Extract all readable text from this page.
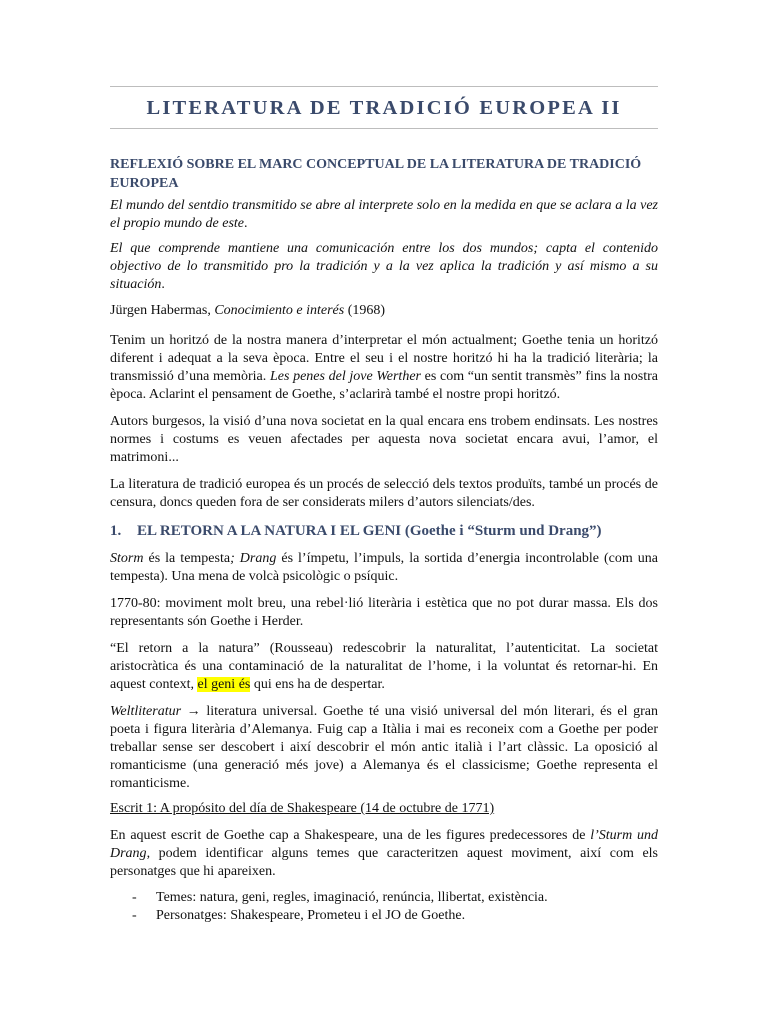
LITERATURA DE TRADICIÓ EUROPEA II
REFLEXIÓ SOBRE EL MARC CONCEPTUAL DE LA LITERATURA DE TRADICIÓ EUROPEA

El mundo del sentdio transmitido se abre al interprete solo en la medida en que se aclara a la vez el propio mundo de este.

El que comprende mantiene una comunicación entre los dos mundos; capta el contenido objectivo de lo transmitido pro la tradición y a la vez aplica la tradición y así mismo a su situación.

Jürgen Habermas, Conocimiento e interés (1968)

Tenim un horitzó de la nostra manera d’interpretar el món actualment; Goethe tenia un horitzó diferent i adequat a la seva època. Entre el seu i el nostre horitzó hi ha la tradició literària; la transmissió d’una memòria. Les penes del jove Werther es com “un sentit transmès” fins la nostra època. Aclarint el pensament de Goethe, s’aclarirà també el nostre propi horitzó.

Autors burgesos, la visió d’una nova societat en la qual encara ens trobem endinsats. Les nostres normes i costums es veuen afectades per aquesta nova societat encara avui, l’amor, el matrimoni...

La literatura de tradició europea és un procés de selecció dels textos produïts, també un procés de censura, doncs queden fora de ser considerats milers d’autors silenciats/des.

1. EL RETORN A LA NATURA I EL GENI (Goethe i “Sturm und Drang”)

Storm és la tempesta; Drang és l’ímpetu, l’impuls, la sortida d’energia incontrolable (com una tempesta). Una mena de volcà psicològic o psíquic.

1770-80: moviment molt breu, una rebel·lió literària i estètica que no pot durar massa. Els dos representants són Goethe i Herder.

“El retorn a la natura” (Rousseau) redescobrir la naturalitat, l’autenticitat. La societat aristocràtica és una contaminació de la naturalitat de l’home, i la voluntat és retornar-hi. En aquest context, el geni és qui ens ha de despertar.

Weltliteratur → literatura universal. Goethe té una visió universal del món literari, és el gran poeta i figura literària d’Alemanya. Fuig cap a Itàlia i mai es reconeix com a Goethe per poder treballar sense ser descobert i així descobrir el món antic italià i l’art clàssic. La oposició al romanticisme (una generació més jove) a Alemanya és el classicisme; Goethe representa el romanticisme.

Escrit 1: A propósito del día de Shakespeare (14 de octubre de 1771)

En aquest escrit de Goethe cap a Shakespeare, una de les figures predecessores de l’Sturm und Drang, podem identificar alguns temes que caracteritzen aquest moviment, així com els personatges que hi apareixen.

- Temes: natura, geni, regles, imaginació, renúncia, llibertat, existència.
- Personatges: Shakespeare, Prometeu i el JO de Goethe.
